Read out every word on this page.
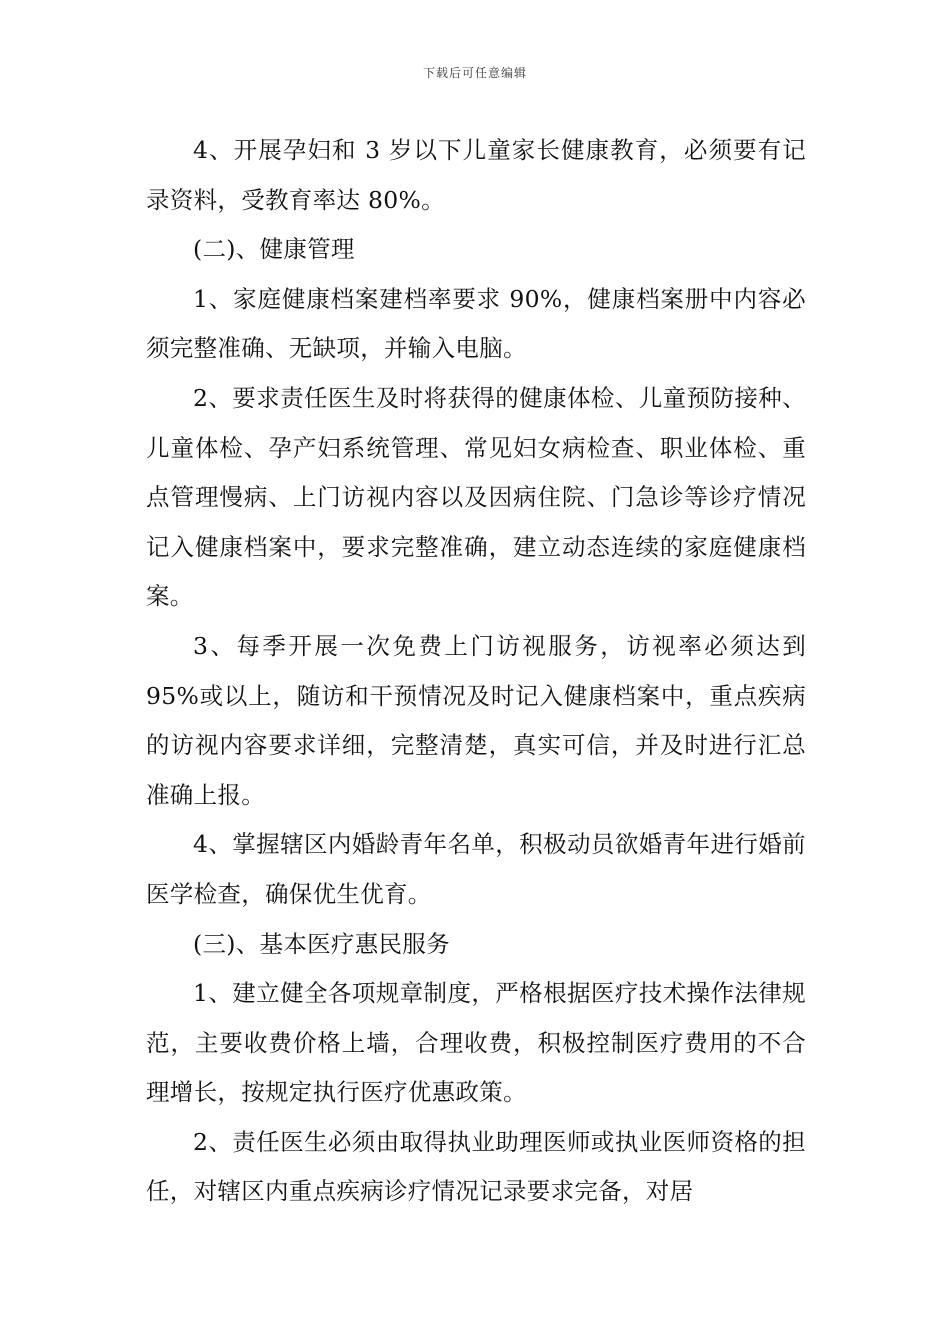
下载后可任意编辑

4、开展孕妇和 3 岁以下儿童家长健康教育，必须要有记录资料，受教育率达 80%。

(二)、健康管理

1、家庭健康档案建档率要求 90%，健康档案册中内容必须完整准确、无缺项，并输入电脑。

2、要求责任医生及时将获得的健康体检、儿童预防接种、儿童体检、孕产妇系统管理、常见妇女病检查、职业体检、重点管理慢病、上门访视内容以及因病住院、门急诊等诊疗情况记入健康档案中，要求完整准确，建立动态连续的家庭健康档案。

3、每季开展一次免费上门访视服务，访视率必须达到 95%或以上，随访和干预情况及时记入健康档案中，重点疾病的访视内容要求详细，完整清楚，真实可信，并及时进行汇总准确上报。

4、掌握辖区内婚龄青年名单，积极动员欲婚青年进行婚前医学检查，确保优生优育。

(三)、基本医疗惠民服务

1、建立健全各项规章制度，严格根据医疗技术操作法律规范，主要收费价格上墙，合理收费，积极控制医疗费用的不合理增长，按规定执行医疗优惠政策。

2、责任医生必须由取得执业助理医师或执业医师资格的担任，对辖区内重点疾病诊疗情况记录要求完备，对居
